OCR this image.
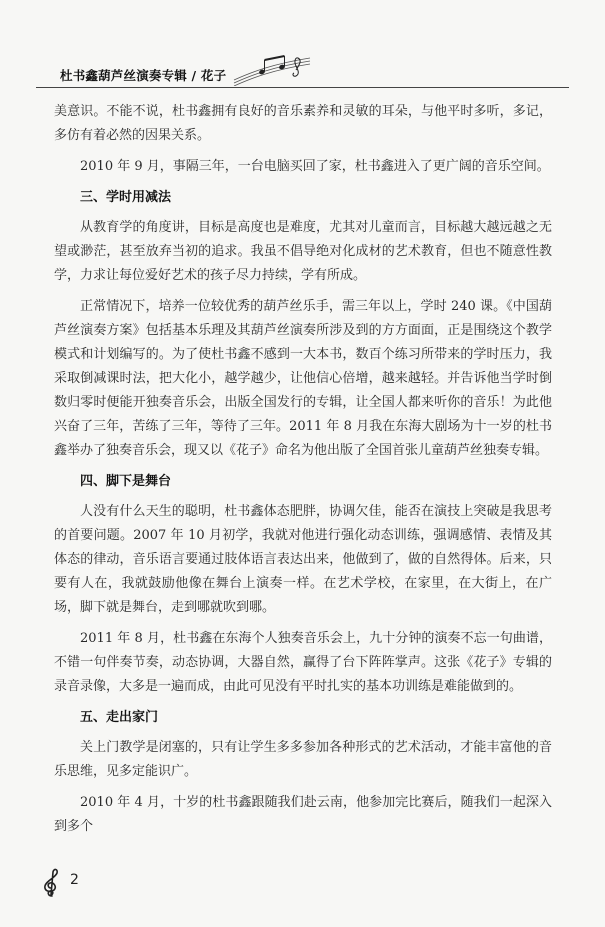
杜书鑫葫芦丝演奏专辑 / 花子

美意识。不能不说，杜书鑫拥有良好的音乐素养和灵敏的耳朵，与他平时多听，多记，多仿有着必然的因果关系。

2010 年 9 月，事隔三年，一台电脑买回了家，杜书鑫进入了更广阔的音乐空间。

三、学时用减法

从教育学的角度讲，目标是高度也是难度，尤其对儿童而言，目标越大越远越之无望或渺茫，甚至放弃当初的追求。我虽不倡导绝对化成材的艺术教育，但也不随意性教学，力求让每位爱好艺术的孩子尽力持续，学有所成。

正常情况下，培养一位较优秀的葫芦丝乐手，需三年以上，学时 240 课。《中国葫芦丝演奏方案》包括基本乐理及其葫芦丝演奏所涉及到的方方面面，正是围绕这个教学模式和计划编写的。为了使杜书鑫不感到一大本书，数百个练习所带来的学时压力，我采取倒减课时法，把大化小，越学越少，让他信心倍增，越来越轻。并告诉他当学时倒数归零时便能开独奏音乐会，出版全国发行的专辑，让全国人都来听你的音乐！为此他兴奋了三年，苦练了三年，等待了三年。2011 年 8 月我在东海大剧场为十一岁的杜书鑫举办了独奏音乐会，现又以《花子》命名为他出版了全国首张儿童葫芦丝独奏专辑。

四、脚下是舞台

人没有什么天生的聪明，杜书鑫体态肥胖，协调欠佳，能否在演技上突破是我思考的首要问题。2007 年 10 月初学，我就对他进行强化动态训练，强调感情、表情及其体态的律动，音乐语言要通过肢体语言表达出来，他做到了，做的自然得体。后来，只要有人在，我就鼓励他像在舞台上演奏一样。在艺术学校，在家里，在大街上，在广场，脚下就是舞台，走到哪就吹到哪。

2011 年 8 月，杜书鑫在东海个人独奏音乐会上，九十分钟的演奏不忘一句曲谱，不错一句伴奏节奏，动态协调，大器自然，赢得了台下阵阵掌声。这张《花子》专辑的录音录像，大多是一遍而成，由此可见没有平时扎实的基本功训练是难能做到的。

五、走出家门

关上门教学是闭塞的，只有让学生多多参加各种形式的艺术活动，才能丰富他的音乐思维，见多定能识广。

2010 年 4 月，十岁的杜书鑫跟随我们赴云南，他参加完比赛后，随我们一起深入到多个

2
